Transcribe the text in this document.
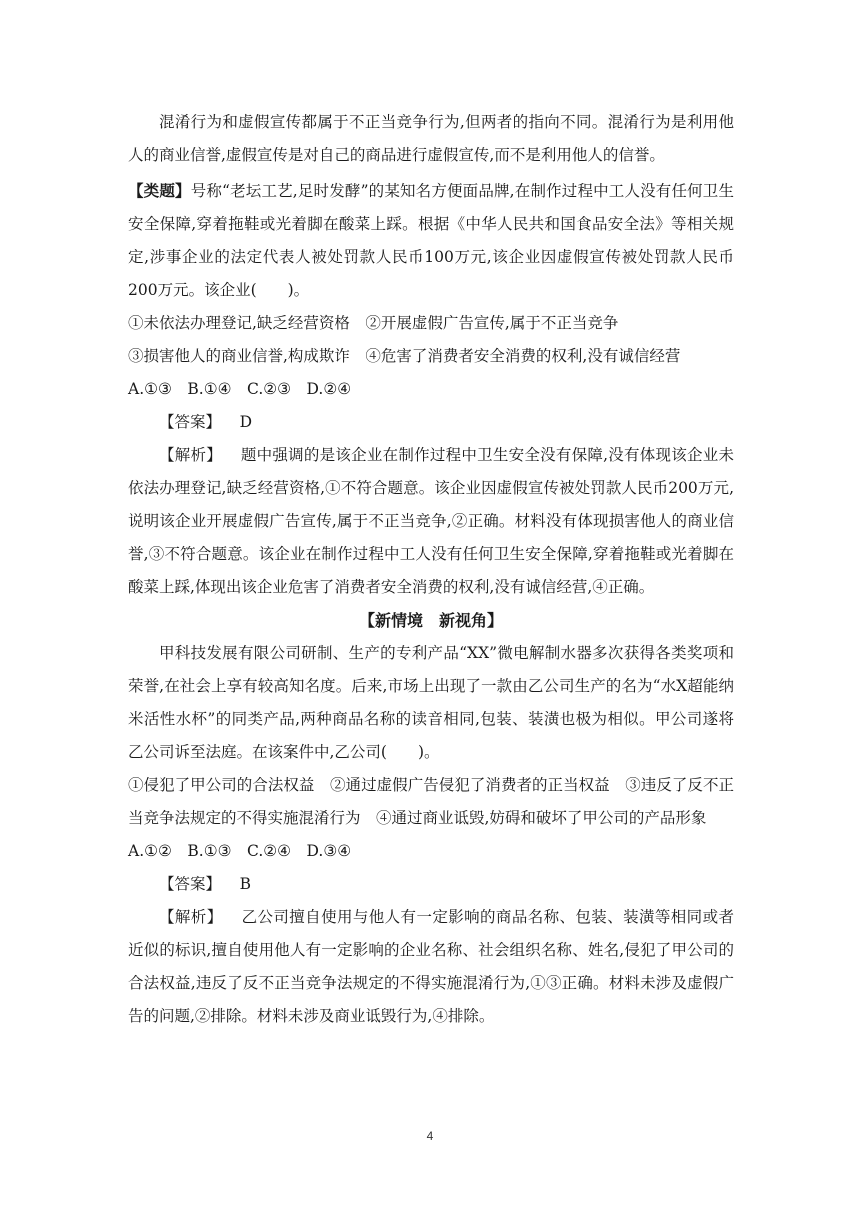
混淆行为和虚假宣传都属于不正当竞争行为,但两者的指向不同。混淆行为是利用他人的商业信誉,虚假宣传是对自己的商品进行虚假宣传,而不是利用他人的信誉。

【类题】号称“老坛工艺,足时发酵”的某知名方便面品牌,在制作过程中工人没有任何卫生安全保障,穿着拖鞋或光着脚在酸菜上踩。根据《中华人民共和国食品安全法》等相关规定,涉事企业的法定代表人被处罚款人民币100万元,该企业因虚假宣传被处罚款人民币200万元。该企业(　　)。

①未依法办理登记,缺乏经营资格　②开展虚假广告宣传,属于不正当竞争

③损害他人的商业信誉,构成欺诈　④危害了消费者安全消费的权利,没有诚信经营

A.①③　B.①④　C.②③　D.②④

【答案】 D

【解析】 题中强调的是该企业在制作过程中卫生安全没有保障,没有体现该企业未依法办理登记,缺乏经营资格,①不符合题意。该企业因虚假宣传被处罚款人民币200万元,说明该企业开展虚假广告宣传,属于不正当竞争,②正确。材料没有体现损害他人的商业信誉,③不符合题意。该企业在制作过程中工人没有任何卫生安全保障,穿着拖鞋或光着脚在酸菜上踩,体现出该企业危害了消费者安全消费的权利,没有诚信经营,④正确。

【新情境　新视角】

甲科技发展有限公司研制、生产的专利产品“XX”微电解制水器多次获得各类奖项和荣誉,在社会上享有较高知名度。后来,市场上出现了一款由乙公司生产的名为“水X超能纳米活性水杯”的同类产品,两种商品名称的读音相同,包装、装潢也极为相似。甲公司遂将乙公司诉至法庭。在该案件中,乙公司(　　)。

①侵犯了甲公司的合法权益　②通过虚假广告侵犯了消费者的正当权益　③违反了反不正当竞争法规定的不得实施混淆行为　④通过商业诋毁,妨碍和破坏了甲公司的产品形象

A.①②　B.①③　C.②④　D.③④

【答案】 B

【解析】 乙公司擅自使用与他人有一定影响的商品名称、包装、装潢等相同或者近似的标识,擅自使用他人有一定影响的企业名称、社会组织名称、姓名,侵犯了甲公司的合法权益,违反了反不正当竞争法规定的不得实施混淆行为,①③正确。材料未涉及虚假广告的问题,②排除。材料未涉及商业诋毁行为,④排除。

4
